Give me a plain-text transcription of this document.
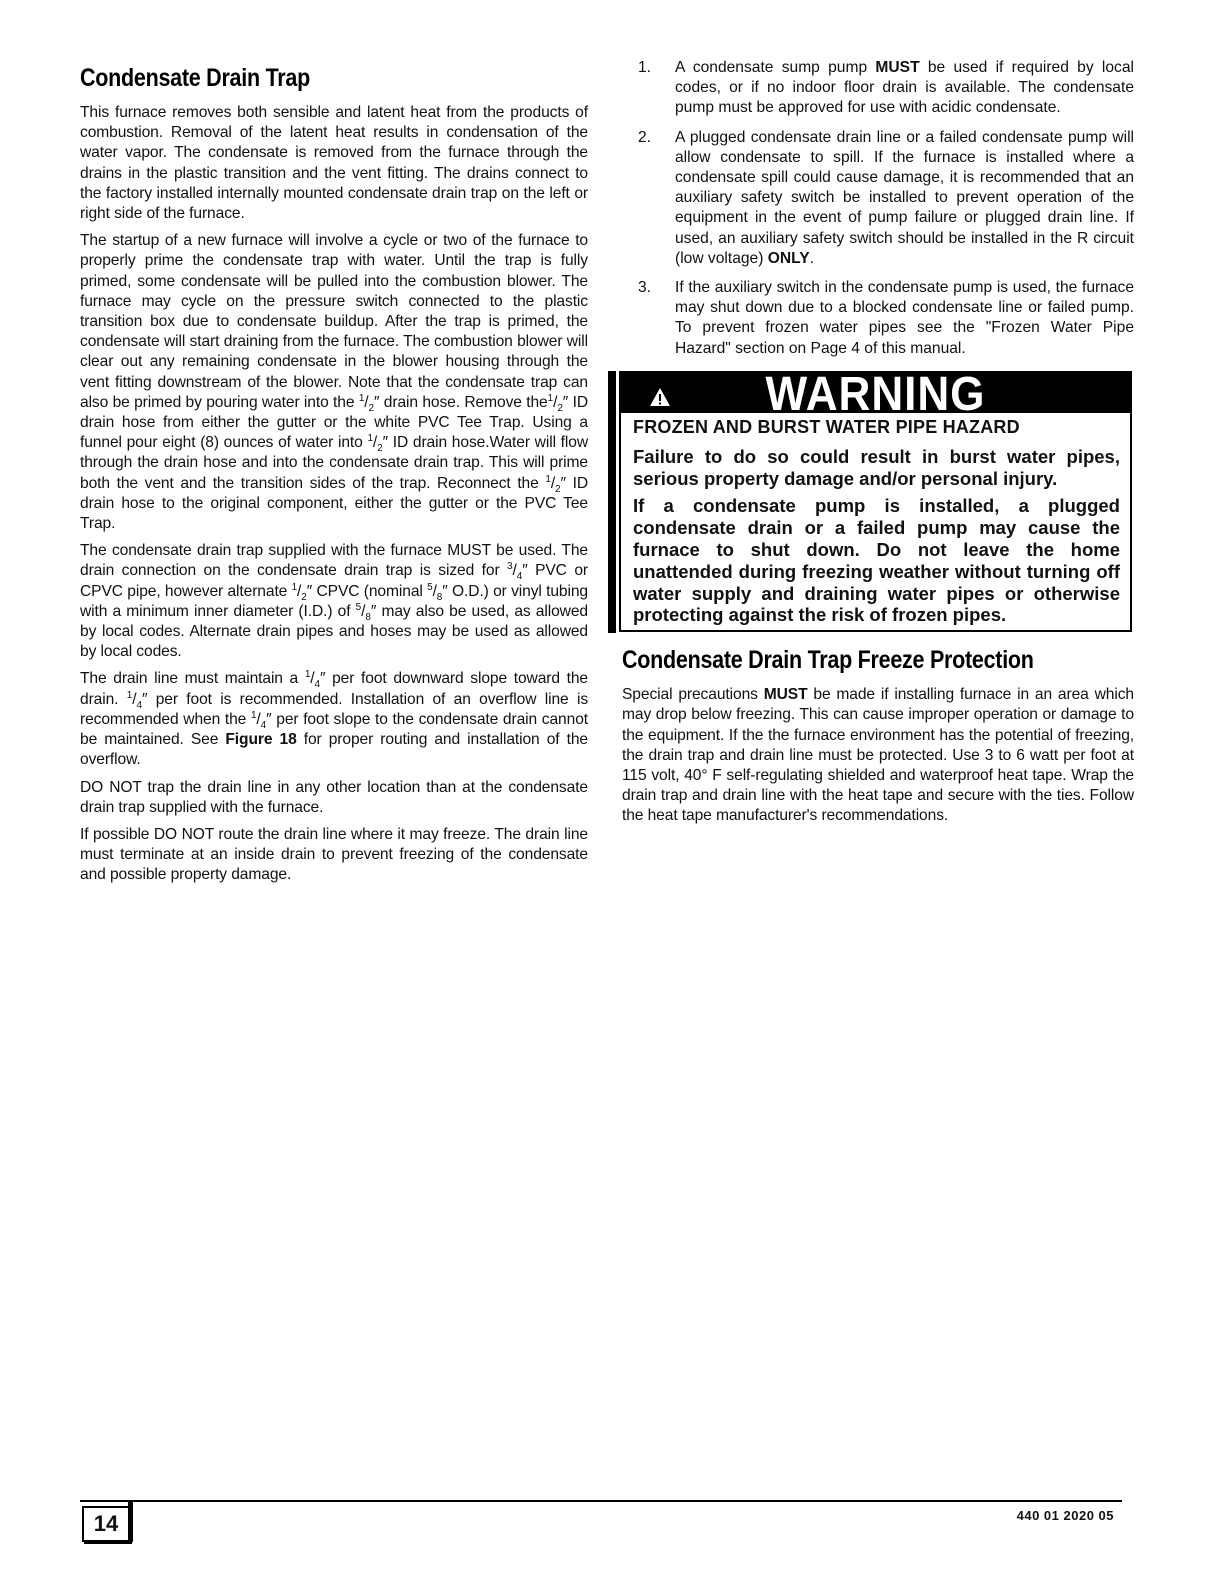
Condensate Drain Trap

This furnace removes both sensible and latent heat from the products of combustion. Removal of the latent heat results in condensation of the water vapor. The condensate is removed from the furnace through the drains in the plastic transition and the vent fitting. The drains connect to the factory installed internally mounted condensate drain trap on the left or right side of the furnace.

The startup of a new furnace will involve a cycle or two of the furnace to properly prime the condensate trap with water. Until the trap is fully primed, some condensate will be pulled into the combustion blower. The furnace may cycle on the pressure switch connected to the plastic transition box due to condensate buildup. After the trap is primed, the condensate will start draining from the furnace. The combustion blower will clear out any remaining condensate in the blower housing through the vent fitting downstream of the blower. Note that the condensate trap can also be primed by pouring water into the $^1/_2''$ drain hose. Remove $the^1/_2''$ ID drain hose from either the gutter or the white PVC Tee Trap. Using a funnel pour eight (8) ounces of water into $^1/_2''$ ID drain hose.Water will flow through the drain hose and into the condensate drain trap. This will prime both the vent and the transition sides of the trap. Reconnect the $^1/_2''$ ID drain hose to the original component, either the gutter or the PVC Tee Trap.

The condensate drain trap supplied with the furnace MUST be used. The drain connection on the condensate drain trap is sized for $^3/_4''$ PVC or CPVC pipe, however alternate $^1/_2''$ CPVC (nominal $^5/_8''$ O.D.) or vinyl tubing with a minimum inner diameter (I.D.) of $^5/_8''$ may also be used, as allowed by local codes. Alternate drain pipes and hoses may be used as allowed by local codes.

The drain line must maintain a $^1/_4''$ per foot downward slope toward the drain. $^1/_4''$ per foot is recommended. Installation of an overflow line is recommended when the $^1/_4''$ per foot slope to the condensate drain cannot be maintained. See Figure 18 for proper routing and installation of the overflow.

DO NOT trap the drain line in any other location than at the condensate drain trap supplied with the furnace.

If possible DO NOT route the drain line where it may freeze. The drain line must terminate at an inside drain to prevent freezing of the condensate and possible property damage.

1. A condensate sump pump MUST be used if required by local codes, or if no indoor floor drain is available. The condensate pump must be approved for use with acidic condensate.
2. A plugged condensate drain line or a failed condensate pump will allow condensate to spill. If the furnace is installed where a condensate spill could cause damage, it is recommended that an auxiliary safety switch be installed to prevent operation of the equipment in the event of pump failure or plugged drain line. If used, an auxiliary safety switch should be installed in the R circuit (low voltage) ONLY.
3. If the auxiliary switch in the condensate pump is used, the furnace may shut down due to a blocked condensate line or failed pump. To prevent frozen water pipes see the "Frozen Water Pipe Hazard" section on Page 4 of this manual.
WARNING
FROZEN AND BURST WATER PIPE HAZARD
Failure to do so could result in burst water pipes, serious property damage and/or personal injury.
If a condensate pump is installed, a plugged condensate drain or a failed pump may cause the furnace to shut down. Do not leave the home unattended during freezing weather without turning off water supply and draining water pipes or otherwise protecting against the risk of frozen pipes.
Condensate Drain Trap Freeze Protection

Special precautions MUST be made if installing furnace in an area which may drop below freezing. This can cause improper operation or damage to the equipment. If the the furnace environment has the potential of freezing, the drain trap and drain line must be protected. Use 3 to 6 watt per foot at 115 volt, 40° F self-regulating shielded and waterproof heat tape. Wrap the drain trap and drain line with the heat tape and secure with the ties. Follow the heat tape manufacturer's recommendations.

14	440 01 2020 05
